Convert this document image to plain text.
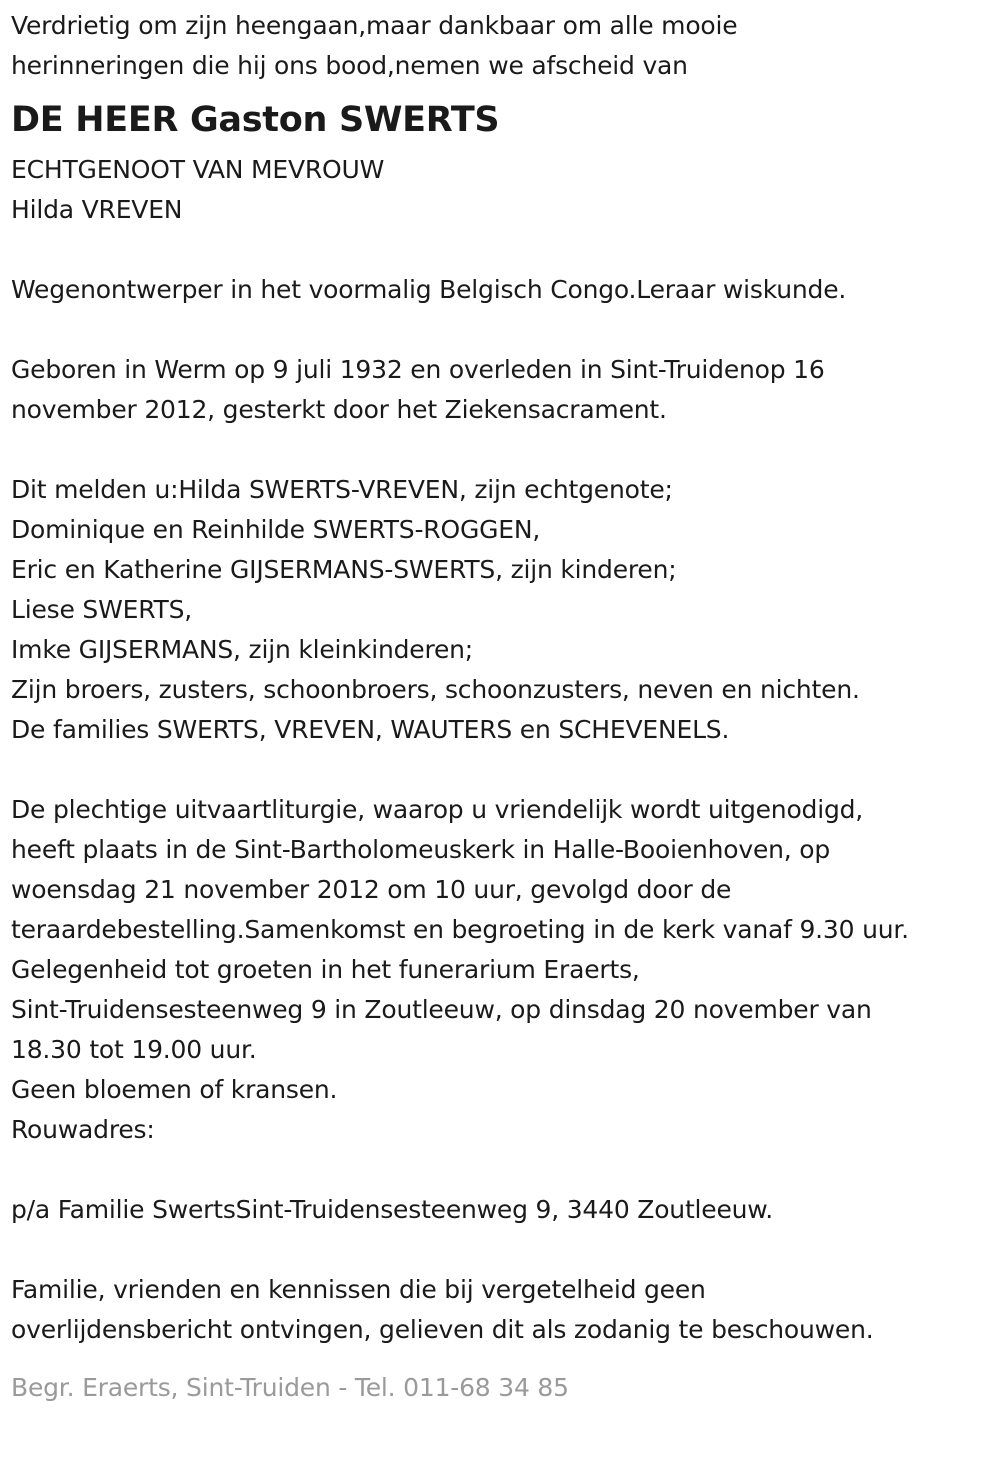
Verdrietig om zijn heengaan,maar dankbaar om alle mooie
herinneringen die hij ons bood,nemen we afscheid van
DE HEER Gaston SWERTS
ECHTGENOOT VAN MEVROUW
Hilda VREVEN
Wegenontwerper in het voormalig Belgisch Congo.Leraar wiskunde.
Geboren in Werm op 9 juli 1932 en overleden in Sint-Truidenop 16
november 2012, gesterkt door het Ziekensacrament.
Dit melden u:Hilda SWERTS-VREVEN, zijn echtgenote;
Dominique en Reinhilde SWERTS-ROGGEN,
Eric en Katherine GIJSERMANS-SWERTS, zijn kinderen;
Liese SWERTS,
Imke GIJSERMANS, zijn kleinkinderen;
Zijn broers, zusters, schoonbroers, schoonzusters, neven en nichten.
De families SWERTS, VREVEN, WAUTERS en SCHEVENELS.
De plechtige uitvaartliturgie, waarop u vriendelijk wordt uitgenodigd,
heeft plaats in de Sint-Bartholomeuskerk in Halle-Booienhoven, op
woensdag 21 november 2012 om 10 uur, gevolgd door de
teraardebestelling.Samenkomst en begroeting in de kerk vanaf 9.30 uur.
Gelegenheid tot groeten in het funerarium Eraerts,
Sint-Truidensesteenweg 9 in Zoutleeuw, op dinsdag 20 november van
18.30 tot 19.00 uur.
Geen bloemen of kransen.
Rouwadres:
p/a Familie SwertsSint-Truidensesteenweg 9, 3440 Zoutleeuw.
Familie, vrienden en kennissen die bij vergetelheid geen
overlijdensbericht ontvingen, gelieven dit als zodanig te beschouwen.
Begr. Eraerts, Sint-Truiden - Tel. 011-68 34 85
